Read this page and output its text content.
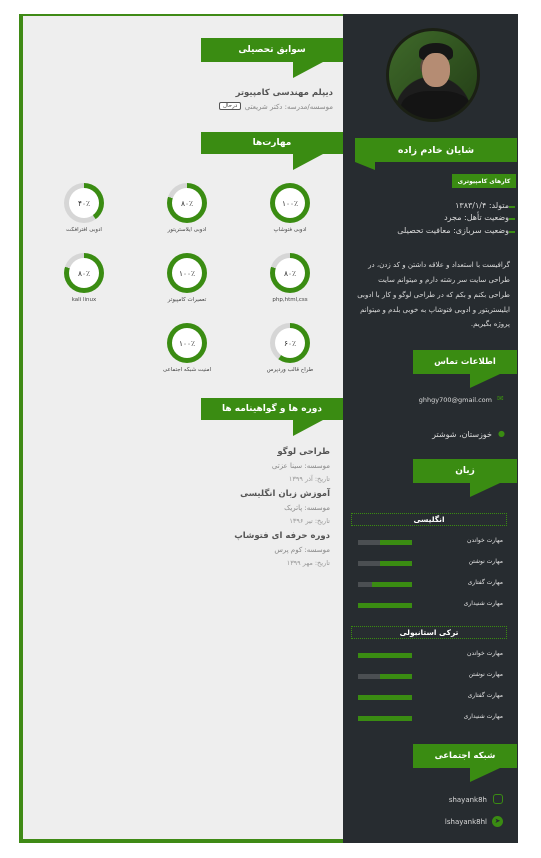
شایان خادم زاده
کارهای کامپیوتری
متولد: ۱۳۸۳/۱/۴
وضعیت تأهل: مجرد
وضعیت سربازی: معافیت تحصیلی
گرافیست با استعداد و علاقه داشتن و کد زدن، در
طراحی سایت سر رشته دارم و میتوانم سایت
طراحی بکنم و بکم که در طراحی لوگو و کار با ادوبی
ایلیستریتور و ادوبی فتوشاپ به خوبی بلدم و میتوانم
پروژه بگیریم.
اطلاعات تماس
ghhgy700@gmail.com ✉
خوزستان، شوشتر ●
زبان
انگلیسی
ترکی استانبولی
مهارت خواندن
مهارت نوشتن
مهارت گفتاری
مهارت شنیداری
مهارت خواندن
مهارت نوشتن
مهارت گفتاری
مهارت شنیداری
شبکه اجتماعی
shayank8h
lshayank8hl	➤
سوابق تحصیلی
دیپلم مهندسی کامپیوتر
موسسه/مدرسه: دکتر شریعتی
درحال
مهارت‌ها
۱۰۰٪
ادوبی فتوشاپ
۸۰٪
ادوبی ایلاستریتور
۴۰٪
ادوبی افترافکت
۸۰٪
php,html,css
۱۰۰٪
تعمیرات کامپیوتر
۸۰٪
kali linux
۶۰٪
طراح قالب وردپرس
۱۰۰٪
امنیت شبکه اجتماعی
دوره ها و گواهینامه ها
طراحی لوگو
موسسه: سینا عزتی
تاریخ: آذر ۱۳۹۹
آموزش زبان انگلیسی
موسسه: پاتریک
تاریخ: تیر ۱۳۹۶
دوره حرفه ای فتوشاپ
موسسه: کوم پرس
تاریخ: مهر ۱۳۹۹
